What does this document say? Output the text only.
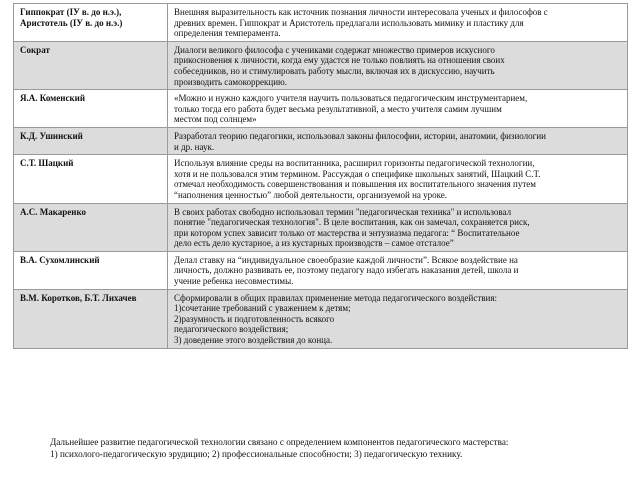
Гиппократ (IУ в. до н.э.),
Аристотель (IУ в. до н.э.)	Внешняя выразительность как источник познания личности интересовала ученых и философов с
древних времен. Гиппократ и Аристотель предлагали использовать мимику и пластику для
определения темперамента.
Сократ	Диалоги великого философа с учениками содержат множество примеров искусного
прикосновения к личности, когда ему удастся не только повлиять на отношения своих
собеседников, но и стимулировать работу мысли, включая их в дискуссию, научить
производить самокоррекцию.
Я.А. Коменский	«Можно и нужно каждого учителя научить пользоваться педагогическим инструментарием,
только тогда его работа будет весьма результативной, а место учителя самим лучшим
местом под солнцем»
К.Д. Ушинский	Разработал теорию педагогики, использовал законы философии, истории, анатомии, физиологии
и др. наук.
С.Т. Шацкий	Используя влияние среды на воспитанника, расширил горизонты педагогической технологии,
хотя и не пользовался этим термином. Рассуждая о специфике школьных занятий, Шацкий С.Т.
отмечал необходимость совершенствования и повышения их воспитательного значения путем
“наполнения ценностью” любой деятельности, организуемой на уроке.
А.С. Макаренко	В своих работах свободно использовал термин "педагогическая техника" и использовал
понятие "педагогическая технология". В целе воспитания, как он замечал, сохраняется риск,
при котором успех зависит только от мастерства и энтузиазма педагога: “ Воспитательное
дело есть дело кустарное, а из кустарных производств – самое отсталое”
В.А. Сухомлинский	Делал ставку на “индивидуальное своеобразие каждой личности”. Всякое воздействие на
личность, должно развивать ее, поэтому педагогу надо избегать наказания детей, школа и
учение ребенка несовместимы.
В.М. Коротков, Б.Т. Лихачев	Сформировали в общих правилах применение метода педагогического воздействия:
1)сочетание требований с уважением к детям;
2)разумность и подготовленность всякого
педагогического воздействия;
3) доведение этого воздействия до конца.
Дальнейшее развитие педагогической технологии связано с определением компонентов педагогического мастерства:
1) психолого-педагогическую эрудицию; 2) профессиональные способности; 3) педагогическую технику.
